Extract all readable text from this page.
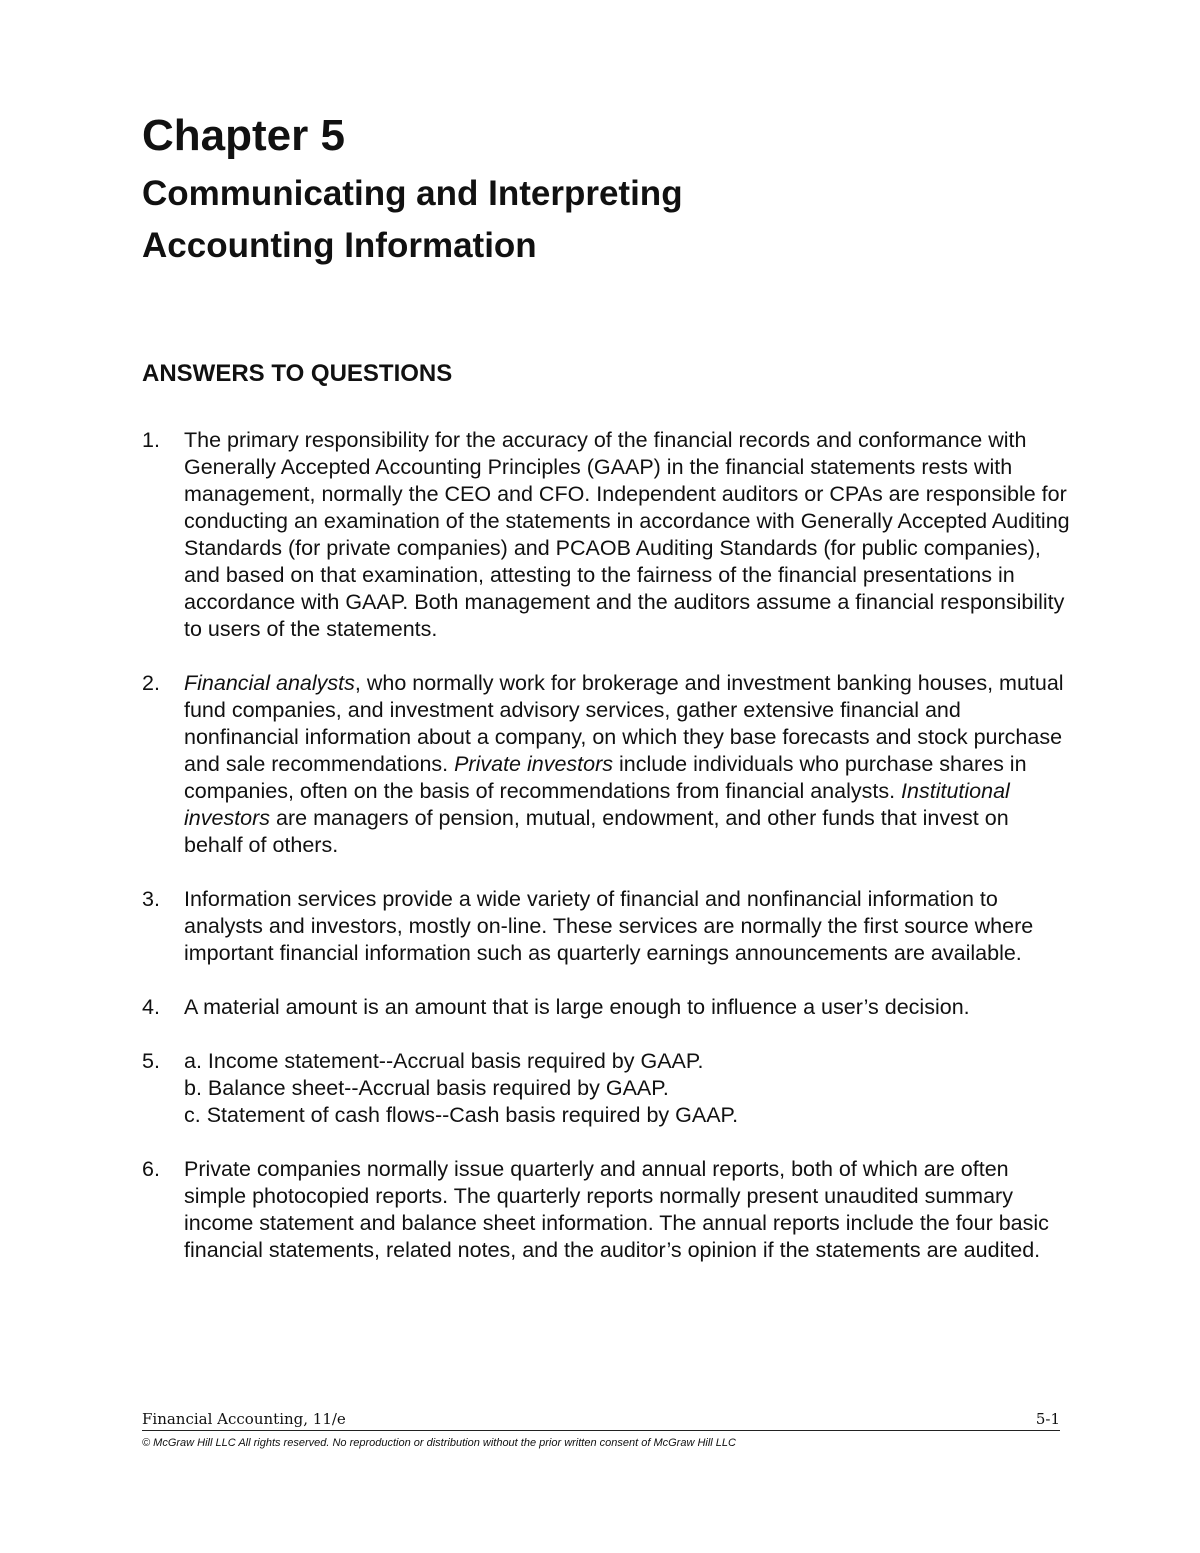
Chapter 5
Communicating and Interpreting
Accounting Information
ANSWERS TO QUESTIONS
1. The primary responsibility for the accuracy of the financial records and conformance with Generally Accepted Accounting Principles (GAAP) in the financial statements rests with management, normally the CEO and CFO. Independent auditors or CPAs are responsible for conducting an examination of the statements in accordance with Generally Accepted Auditing Standards (for private companies) and PCAOB Auditing Standards (for public companies), and based on that examination, attesting to the fairness of the financial presentations in accordance with GAAP. Both management and the auditors assume a financial responsibility to users of the statements.
2. Financial analysts, who normally work for brokerage and investment banking houses, mutual fund companies, and investment advisory services, gather extensive financial and nonfinancial information about a company, on which they base forecasts and stock purchase and sale recommendations. Private investors include individuals who purchase shares in companies, often on the basis of recommendations from financial analysts. Institutional investors are managers of pension, mutual, endowment, and other funds that invest on behalf of others.
3. Information services provide a wide variety of financial and nonfinancial information to analysts and investors, mostly on-line. These services are normally the first source where important financial information such as quarterly earnings announcements are available.
4. A material amount is an amount that is large enough to influence a user’s decision.
5. a. Income statement--Accrual basis required by GAAP.
b. Balance sheet--Accrual basis required by GAAP.
c. Statement of cash flows--Cash basis required by GAAP.
6. Private companies normally issue quarterly and annual reports, both of which are often simple photocopied reports. The quarterly reports normally present unaudited summary income statement and balance sheet information. The annual reports include the four basic financial statements, related notes, and the auditor’s opinion if the statements are audited.
Financial Accounting, 11/e	5-1
© McGraw Hill LLC All rights reserved. No reproduction or distribution without the prior written consent of McGraw Hill LLC
